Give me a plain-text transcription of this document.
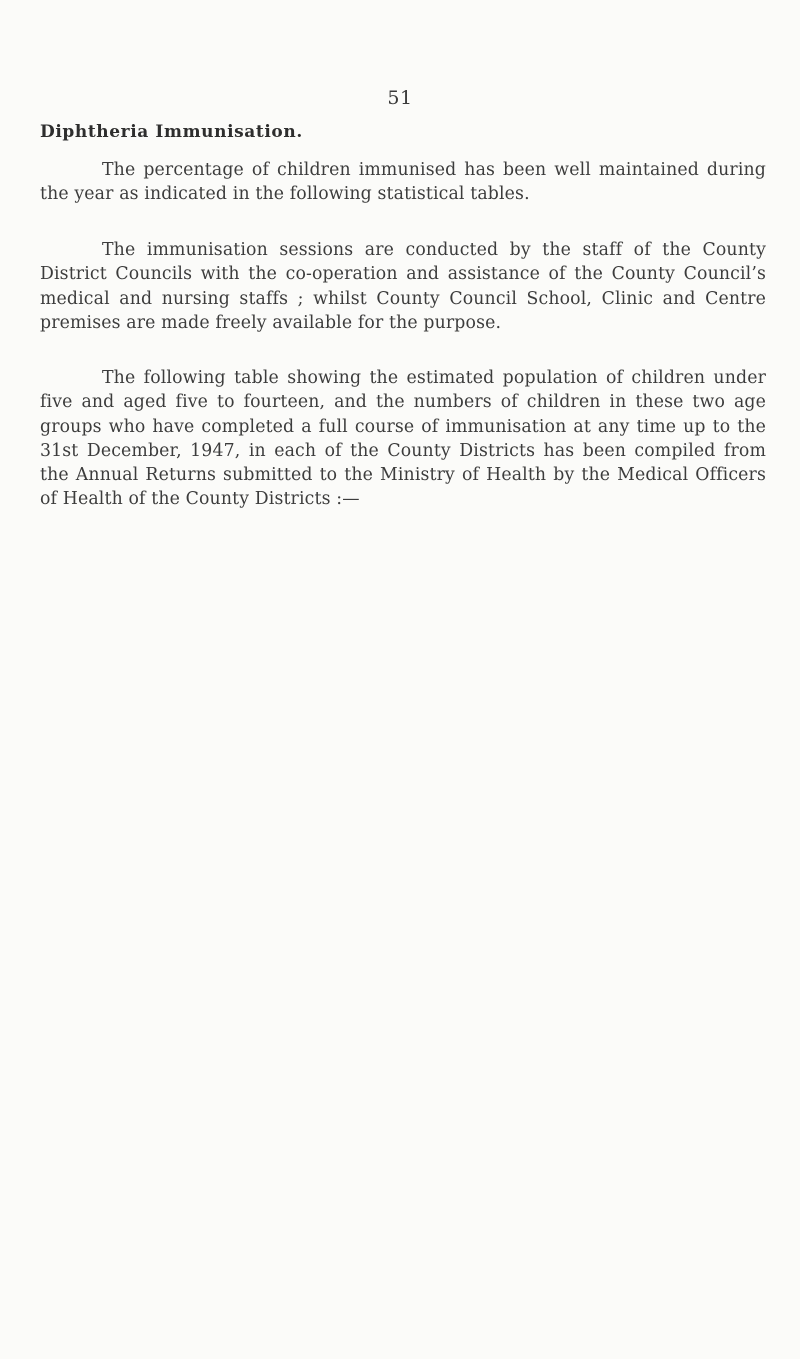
51
Diphtheria Immunisation.

The percentage of children immunised has been well maintained during the year as indicated in the following statistical tables.

The immunisation sessions are conducted by the staff of the County District Councils with the co-operation and assistance of the County Council’s medical and nursing staffs ; whilst County Council School, Clinic and Centre premises are made freely available for the purpose.

The following table showing the estimated population of children under five and aged five to fourteen, and the numbers of children in these two age groups who have completed a full course of immunisation at any time up to the 31st December, 1947, in each of the County Districts has been compiled from the Annual Returns submitted to the Ministry of Health by the Medical Officers of Health of the County Districts :—
